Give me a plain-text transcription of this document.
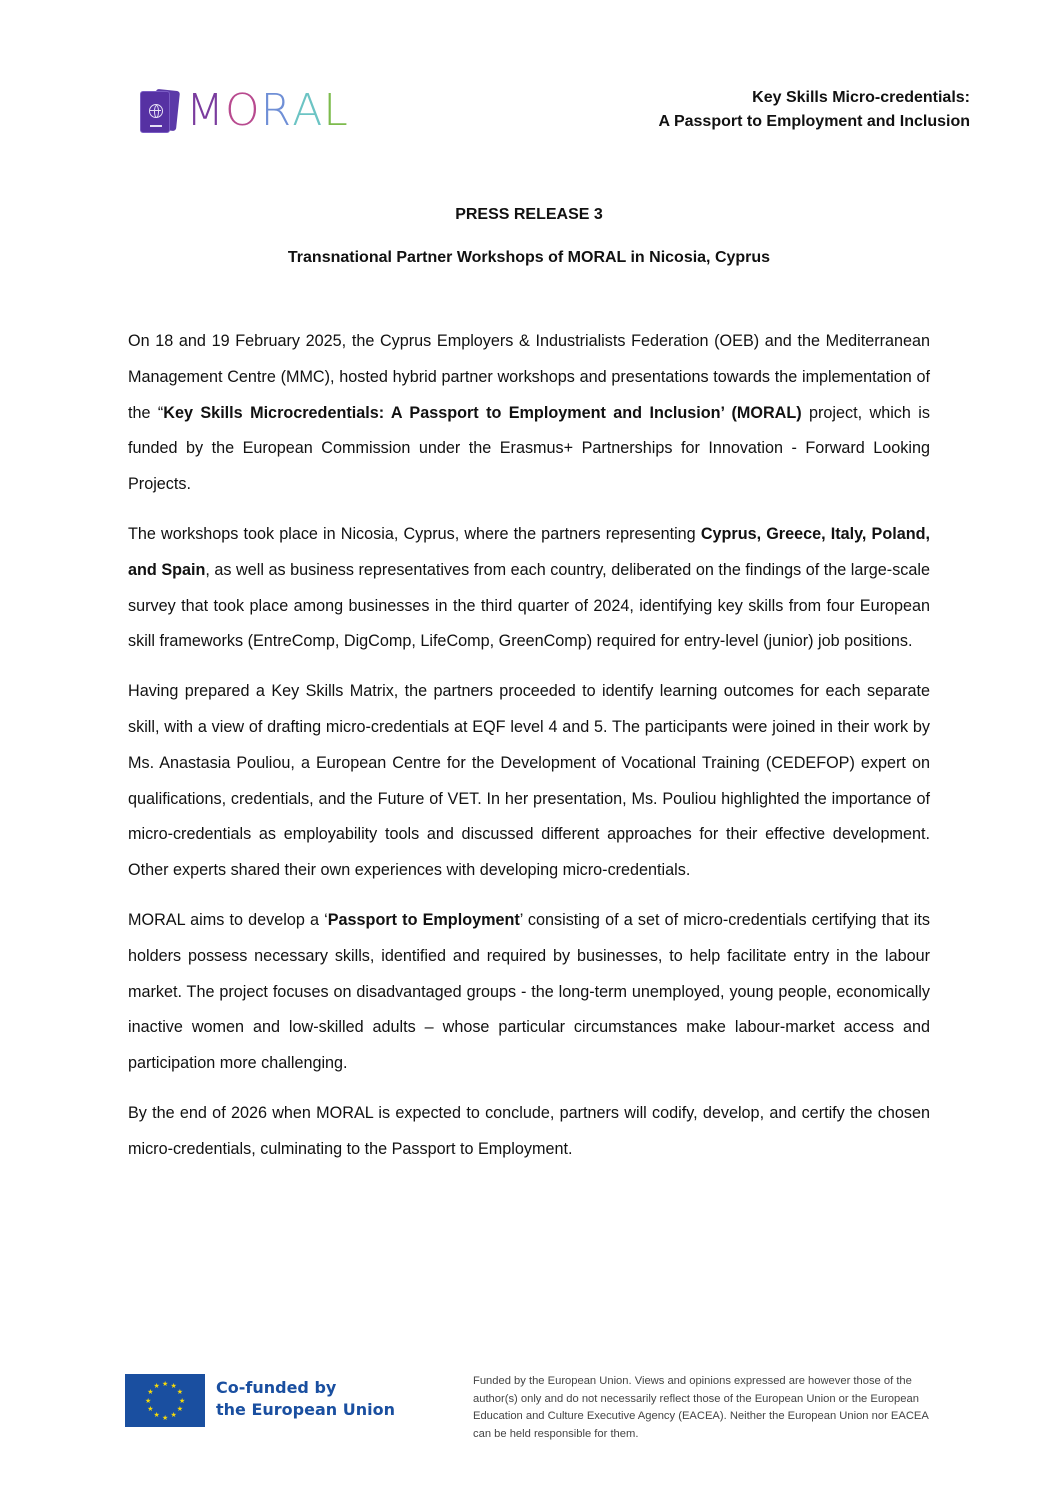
MORAL	Key Skills Micro-credentials:
A Passport to Employment and Inclusion
PRESS RELEASE 3
Transnational Partner Workshops of MORAL in Nicosia, Cyprus

On 18 and 19 February 2025, the Cyprus Employers & Industrialists Federation (OEB) and the Mediterranean Management Centre (MMC), hosted hybrid partner workshops and presentations towards the implementation of the “Key Skills Microcredentials: A Passport to Employment and Inclusion’ (MORAL) project, which is funded by the European Commission under the Erasmus+ Partnerships for Innovation - Forward Looking Projects.

The workshops took place in Nicosia, Cyprus, where the partners representing Cyprus, Greece, Italy, Poland, and Spain, as well as business representatives from each country, deliberated on the findings of the large-scale survey that took place among businesses in the third quarter of 2024, identifying key skills from four European skill frameworks (EntreComp, DigComp, LifeComp, GreenComp) required for entry-level (junior) job positions.

Having prepared a Key Skills Matrix, the partners proceeded to identify learning outcomes for each separate skill, with a view of drafting micro-credentials at EQF level 4 and 5. The participants were joined in their work by Ms. Anastasia Pouliou, a European Centre for the Development of Vocational Training (CEDEFOP) expert on qualifications, credentials, and the Future of VET. In her presentation, Ms. Pouliou highlighted the importance of micro-credentials as employability tools and discussed different approaches for their effective development. Other experts shared their own experiences with developing micro-credentials.

MORAL aims to develop a ‘Passport to Employment’ consisting of a set of micro-credentials certifying that its holders possess necessary skills, identified and required by businesses, to help facilitate entry in the labour market. The project focuses on disadvantaged groups - the long-term unemployed, young people, economically inactive women and low-skilled adults – whose particular circumstances make labour-market access and participation more challenging.

By the end of 2026 when MORAL is expected to conclude, partners will codify, develop, and certify the chosen micro-credentials, culminating to the Passport to Employment.

★ ★
★
★
★
★
★
★
★
★
★
★	Co-funded by
the European Union
Funded by the European Union. Views and opinions expressed are however those of the author(s) only and do not necessarily reflect those of the European Union or the European Education and Culture Executive Agency (EACEA). Neither the European Union nor EACEA can be held responsible for them.
